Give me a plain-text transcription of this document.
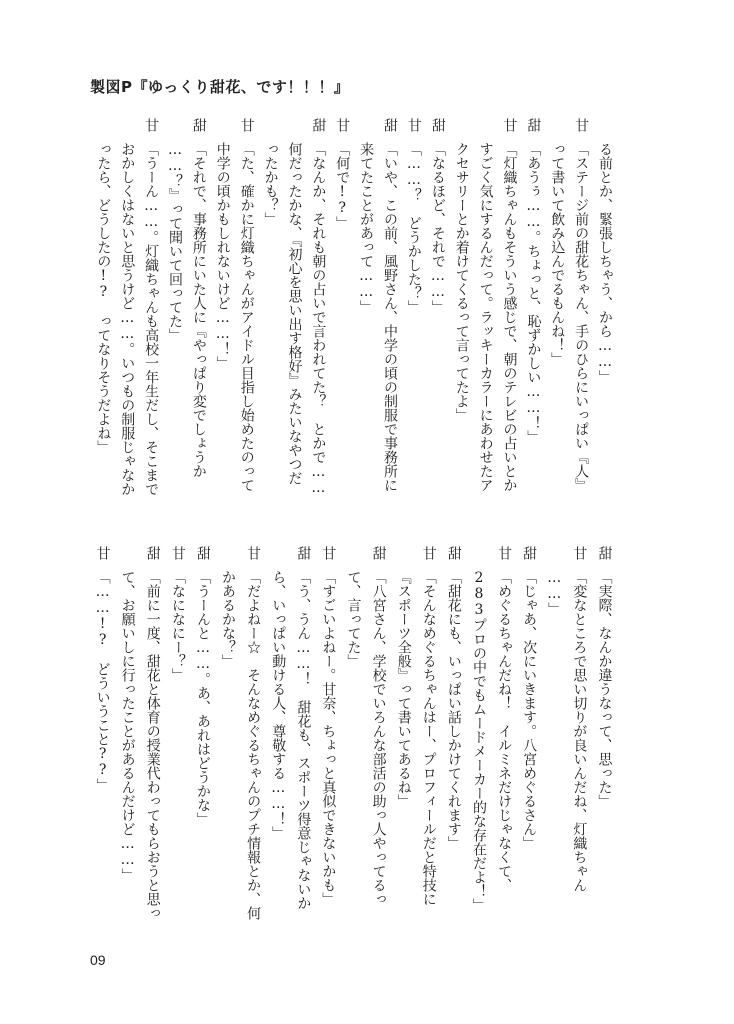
製図P『ゆっくり甜花、です！！！』
る前とか、緊張しちゃう、から……」
甘
「ステージ前の甜花ちゃん、手のひらにいっぱい『人』
って書いて飲み込んでるもんね！」
甜
「あうぅ……。ちょっと、恥ずかしい……！」
甘
「灯織ちゃんもそういう感じで、朝のテレビの占いとか
すごく気にするんだって。ラッキーカラーにあわせたア
クセサリーとか着けてくるって言ってたよ」
甜
「なるほど、それで……」
甘
「……？　どうかした？」
甜
「いや、この前、風野さん、中学の頃の制服で事務所に
来てたことがあって……」
甘
「何で!?」
甜
「なんか、それも朝の占いで言われてた？　とかで……
何だったかな、『初心を思い出す格好』みたいなやつだ
ったかも？」
甘
「た、確かに灯織ちゃんがアイドル目指し始めたのって
中学の頃かもしれないけど……！」
甜
「それで、事務所にいた人に『やっぱり変でしょうか
……？』って聞いて回ってた」
甘
「うーん……。灯織ちゃんも高校一年生だし、そこまで
おかしくはないと思うけど……。いつもの制服じゃなか
ったら、どうしたの!?　ってなりそうだよね」
甜
「実際、なんか違うなって、思った」
甘
「変なところで思い切りが良いんだね、灯織ちゃん
……」
甜
「じゃあ、次にいきます。八宮めぐるさん」
甘
「めぐるちゃんだね！　イルミネだけじゃなくて、
283プロの中でもムードメーカー的な存在だよ！」
甜
「甜花にも、いっぱい話しかけてくれます」
甘
「そんなめぐるちゃんはー、プロフィールだと特技に
『スポーツ全般』って書いてあるね」
甜
「八宮さん、学校でいろんな部活の助っ人やってるっ
て、言ってた」
甘
「すごいよねー。甘奈、ちょっと真似できないかも」
甜
「う、うん……！　甜花も、スポーツ得意じゃないか
ら、いっぱい動ける人、尊敬する……！」
甘
「だよねー☆　そんなめぐるちゃんのプチ情報とか、何
かあるかな？」
甜
「うーんと……。あ、あれはどうかな」
甘
「なになにー？」
甜
「前に一度、甜花と体育の授業代わってもらおうと思っ
て、お願いしに行ったことがあるんだけど……」
甘
「……!?　どういうこと??」
09
